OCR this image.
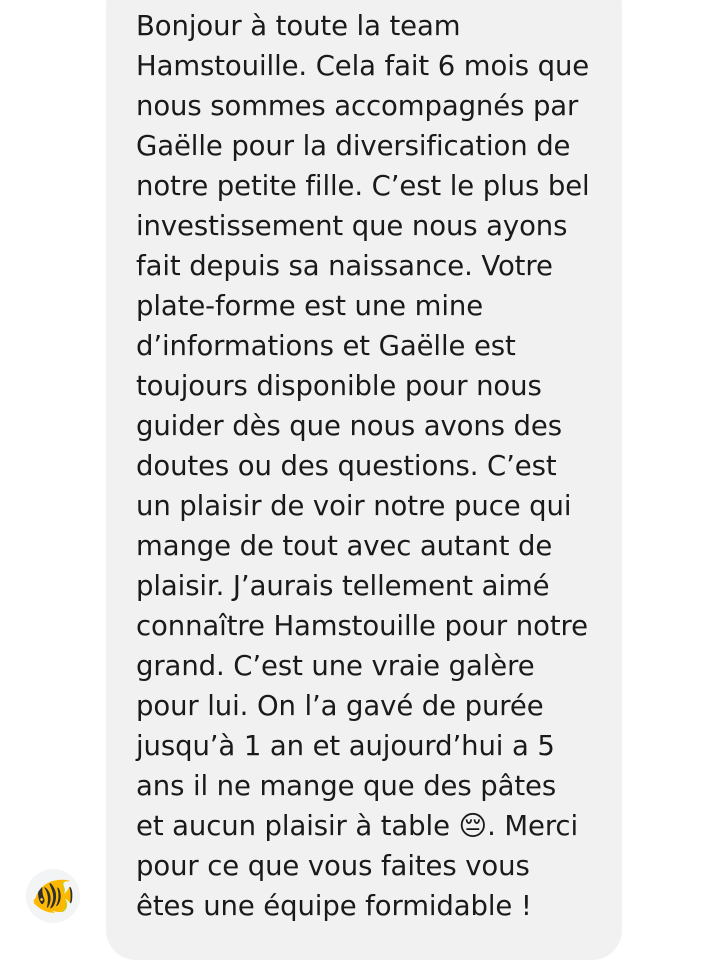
🐠

Bonjour à toute la team Hamstouille. Cela fait 6 mois que nous sommes accompagnés par Gaëlle pour la diversification de notre petite fille. C’est le plus bel investissement que nous ayons fait depuis sa naissance. Votre plate-forme est une mine d’informations et Gaëlle est toujours disponible pour nous guider dès que nous avons des doutes ou des questions. C’est un plaisir de voir notre puce qui mange de tout avec autant de plaisir. J’aurais tellement aimé connaître Hamstouille pour notre grand. C’est une vraie galère pour lui. On l’a gavé de purée jusqu’à 1 an et aujourd’hui a 5 ans il ne mange que des pâtes et aucun plaisir à table 😔. Merci pour ce que vous faites vous êtes une équipe formidable !
